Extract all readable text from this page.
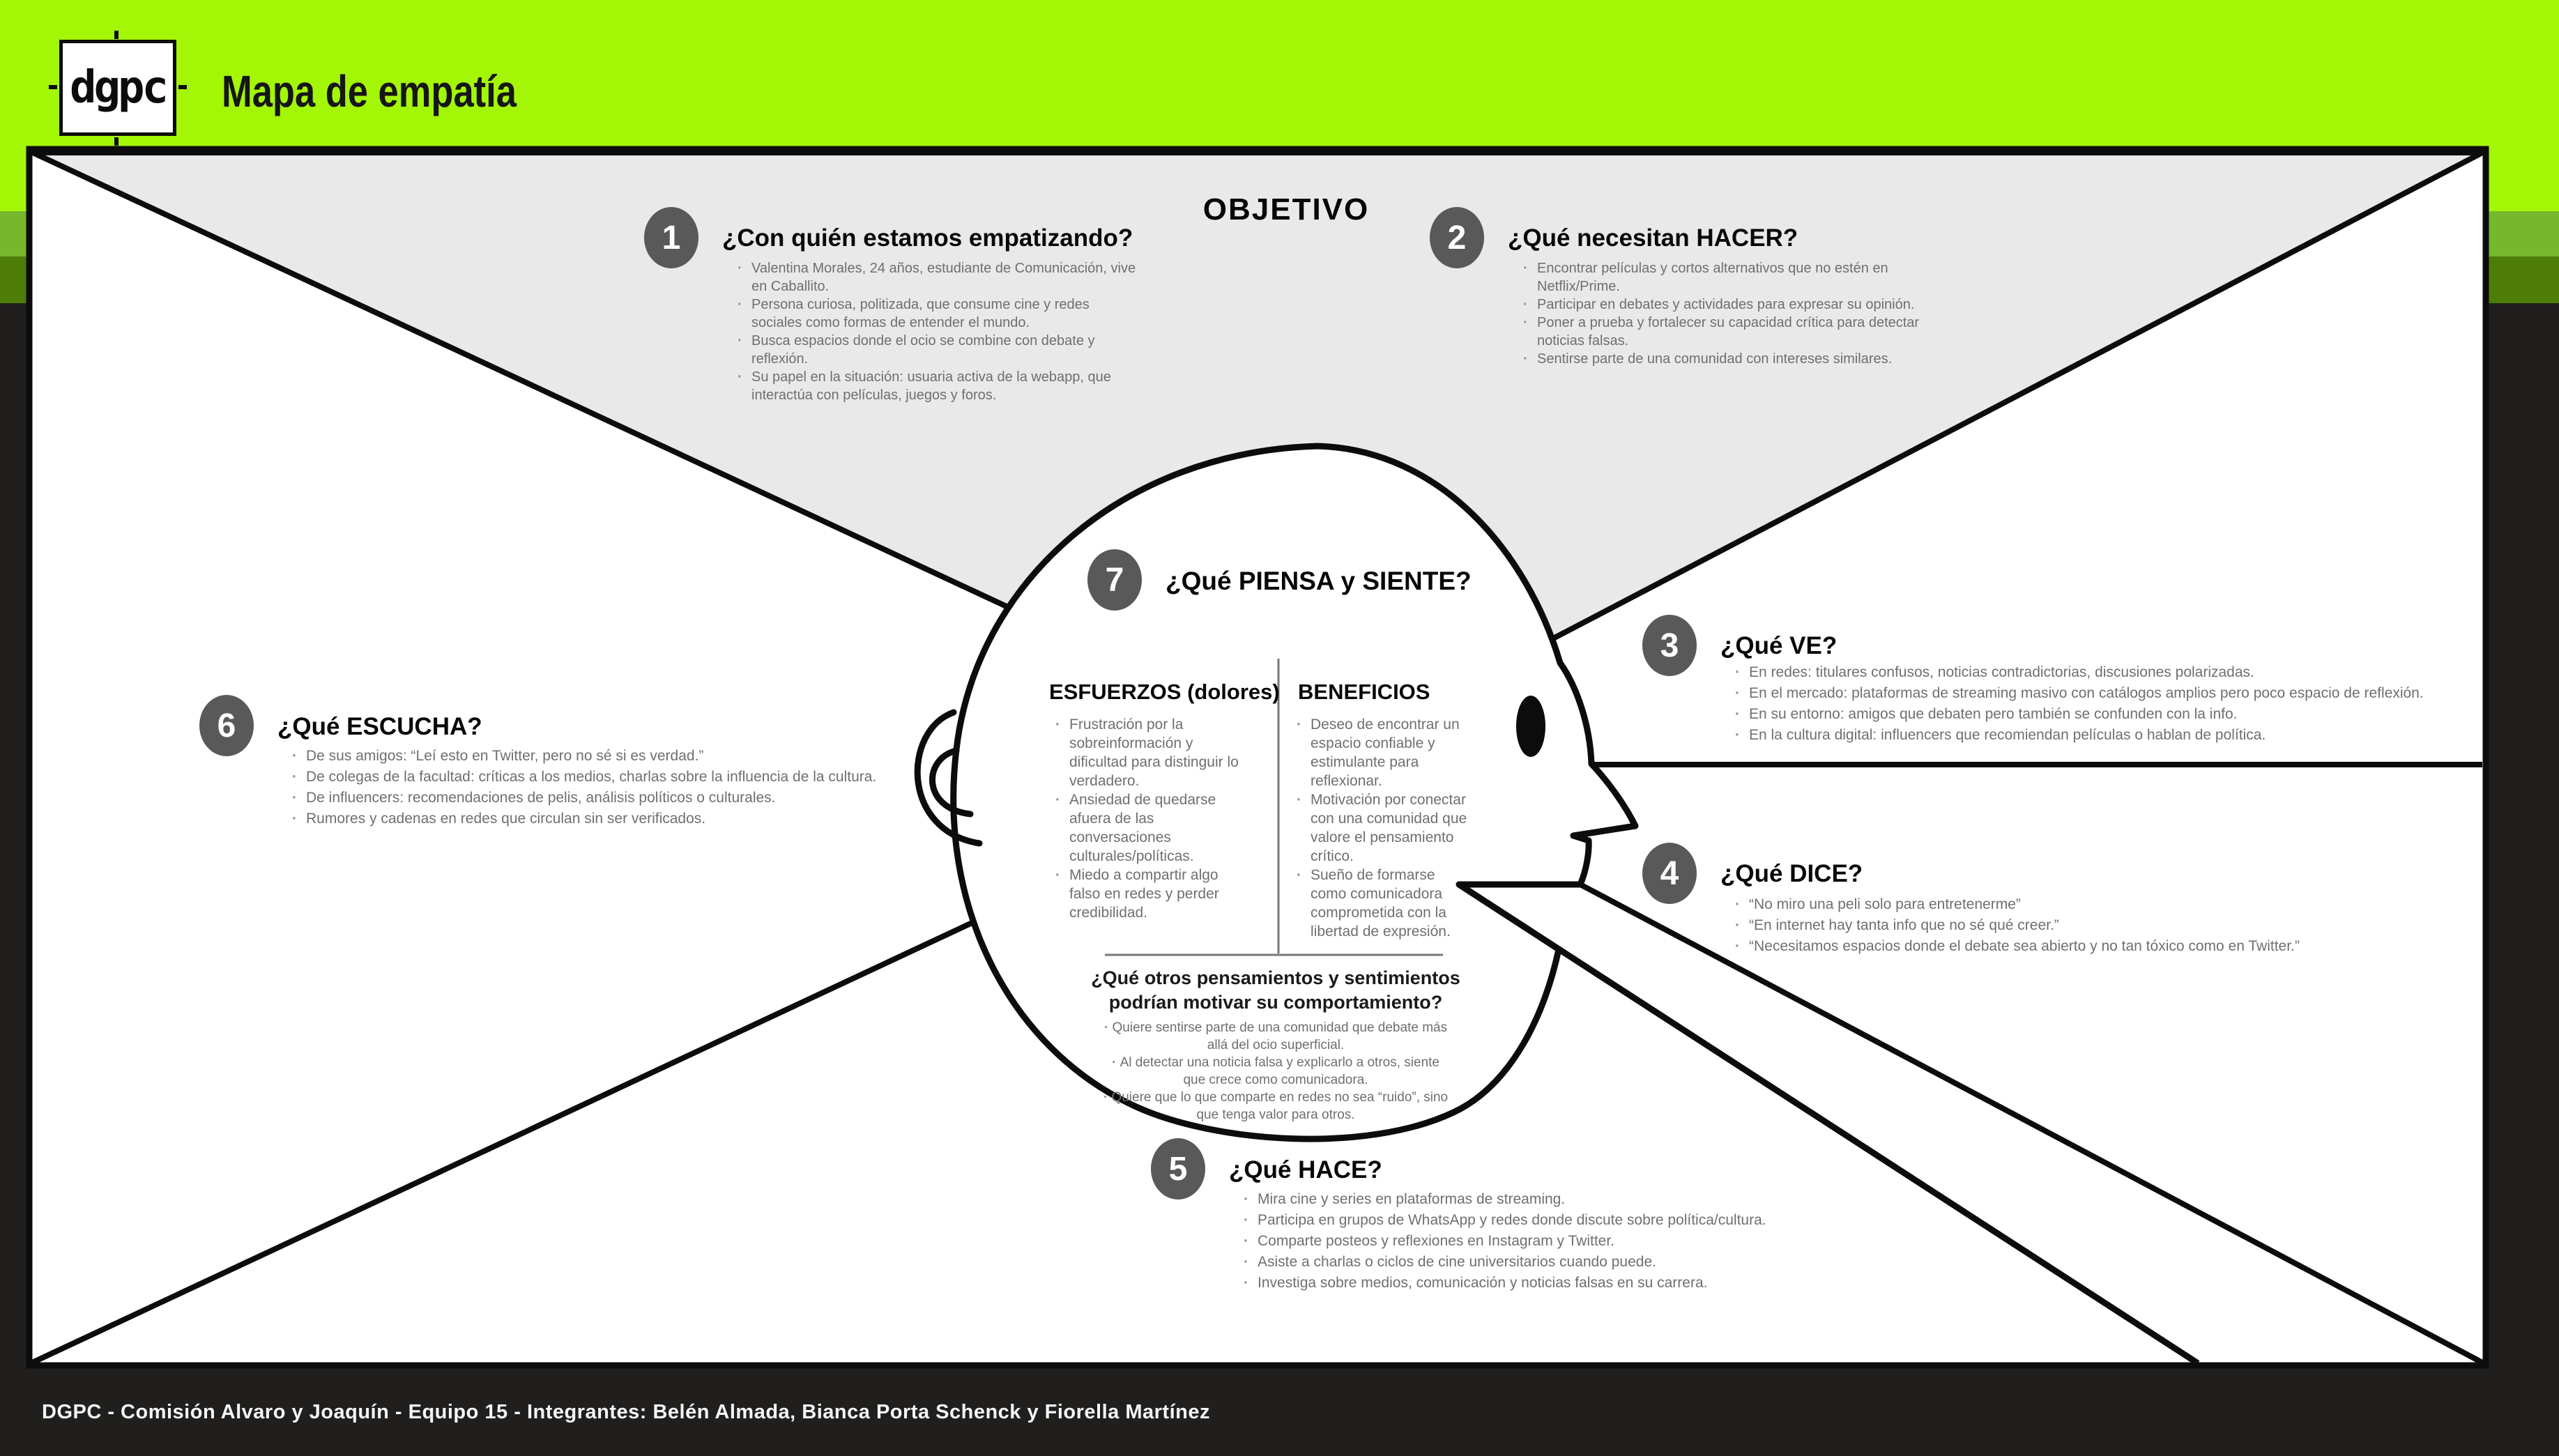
dgpc Mapa de empatía
OBJETIVO
1 ¿Con quién estamos empatizando?
· Valentina Morales, 24 años, estudiante de Comunicación, vive en Caballito.
· Persona curiosa, politizada, que consume cine y redes sociales como formas de entender el mundo.
· Busca espacios donde el ocio se combine con debate y reflexión.
· Su papel en la situación: usuaria activa de la webapp, que interactúa con películas, juegos y foros.
2 ¿Qué necesitan HACER?
· Encontrar películas y cortos alternativos que no estén en Netflix/Prime.
· Participar en debates y actividades para expresar su opinión.
· Poner a prueba y fortalecer su capacidad crítica para detectar noticias falsas.
· Sentirse parte de una comunidad con intereses similares.
7 ¿Qué PIENSA y SIENTE?
ESFUERZOS (dolores) BENEFICIOS
· Frustración por la sobreinformación y dificultad para distinguir lo verdadero.
· Ansiedad de quedarse afuera de las conversaciones culturales/políticas.
· Miedo a compartir algo falso en redes y perder credibilidad.
· Deseo de encontrar un espacio confiable y estimulante para reflexionar.
· Motivación por conectar con una comunidad que valore el pensamiento crítico.
· Sueño de formarse como comunicadora comprometida con la libertad de expresión.
¿Qué otros pensamientos y sentimientos podrían motivar su comportamiento?
· Quiere sentirse parte de una comunidad que debate más allá del ocio superficial.
· Al detectar una noticia falsa y explicarlo a otros, siente que crece como comunicadora.
· Quiere que lo que comparte en redes no sea “ruido”, sino que tenga valor para otros.
3 ¿Qué VE?
· En redes: titulares confusos, noticias contradictorias, discusiones polarizadas.
· En el mercado: plataformas de streaming masivo con catálogos amplios pero poco espacio de reflexión.
· En su entorno: amigos que debaten pero también se confunden con la info.
· En la cultura digital: influencers que recomiendan películas o hablan de política.
4 ¿Qué DICE?
· “No miro una peli solo para entretenerme”
· “En internet hay tanta info que no sé qué creer.”
· “Necesitamos espacios donde el debate sea abierto y no tan tóxico como en Twitter.”
6 ¿Qué ESCUCHA?
· De sus amigos: “Leí esto en Twitter, pero no sé si es verdad.”
· De colegas de la facultad: críticas a los medios, charlas sobre la influencia de la cultura.
· De influencers: recomendaciones de pelis, análisis políticos o culturales.
· Rumores y cadenas en redes que circulan sin ser verificados.
5 ¿Qué HACE?
· Mira cine y series en plataformas de streaming.
· Participa en grupos de WhatsApp y redes donde discute sobre política/cultura.
· Comparte posteos y reflexiones en Instagram y Twitter.
· Asiste a charlas o ciclos de cine universitarios cuando puede.
· Investiga sobre medios, comunicación y noticias falsas en su carrera.
DGPC - Comisión Alvaro y Joaquín - Equipo 15 - Integrantes: Belén Almada, Bianca Porta Schenck y Fiorella Martínez
